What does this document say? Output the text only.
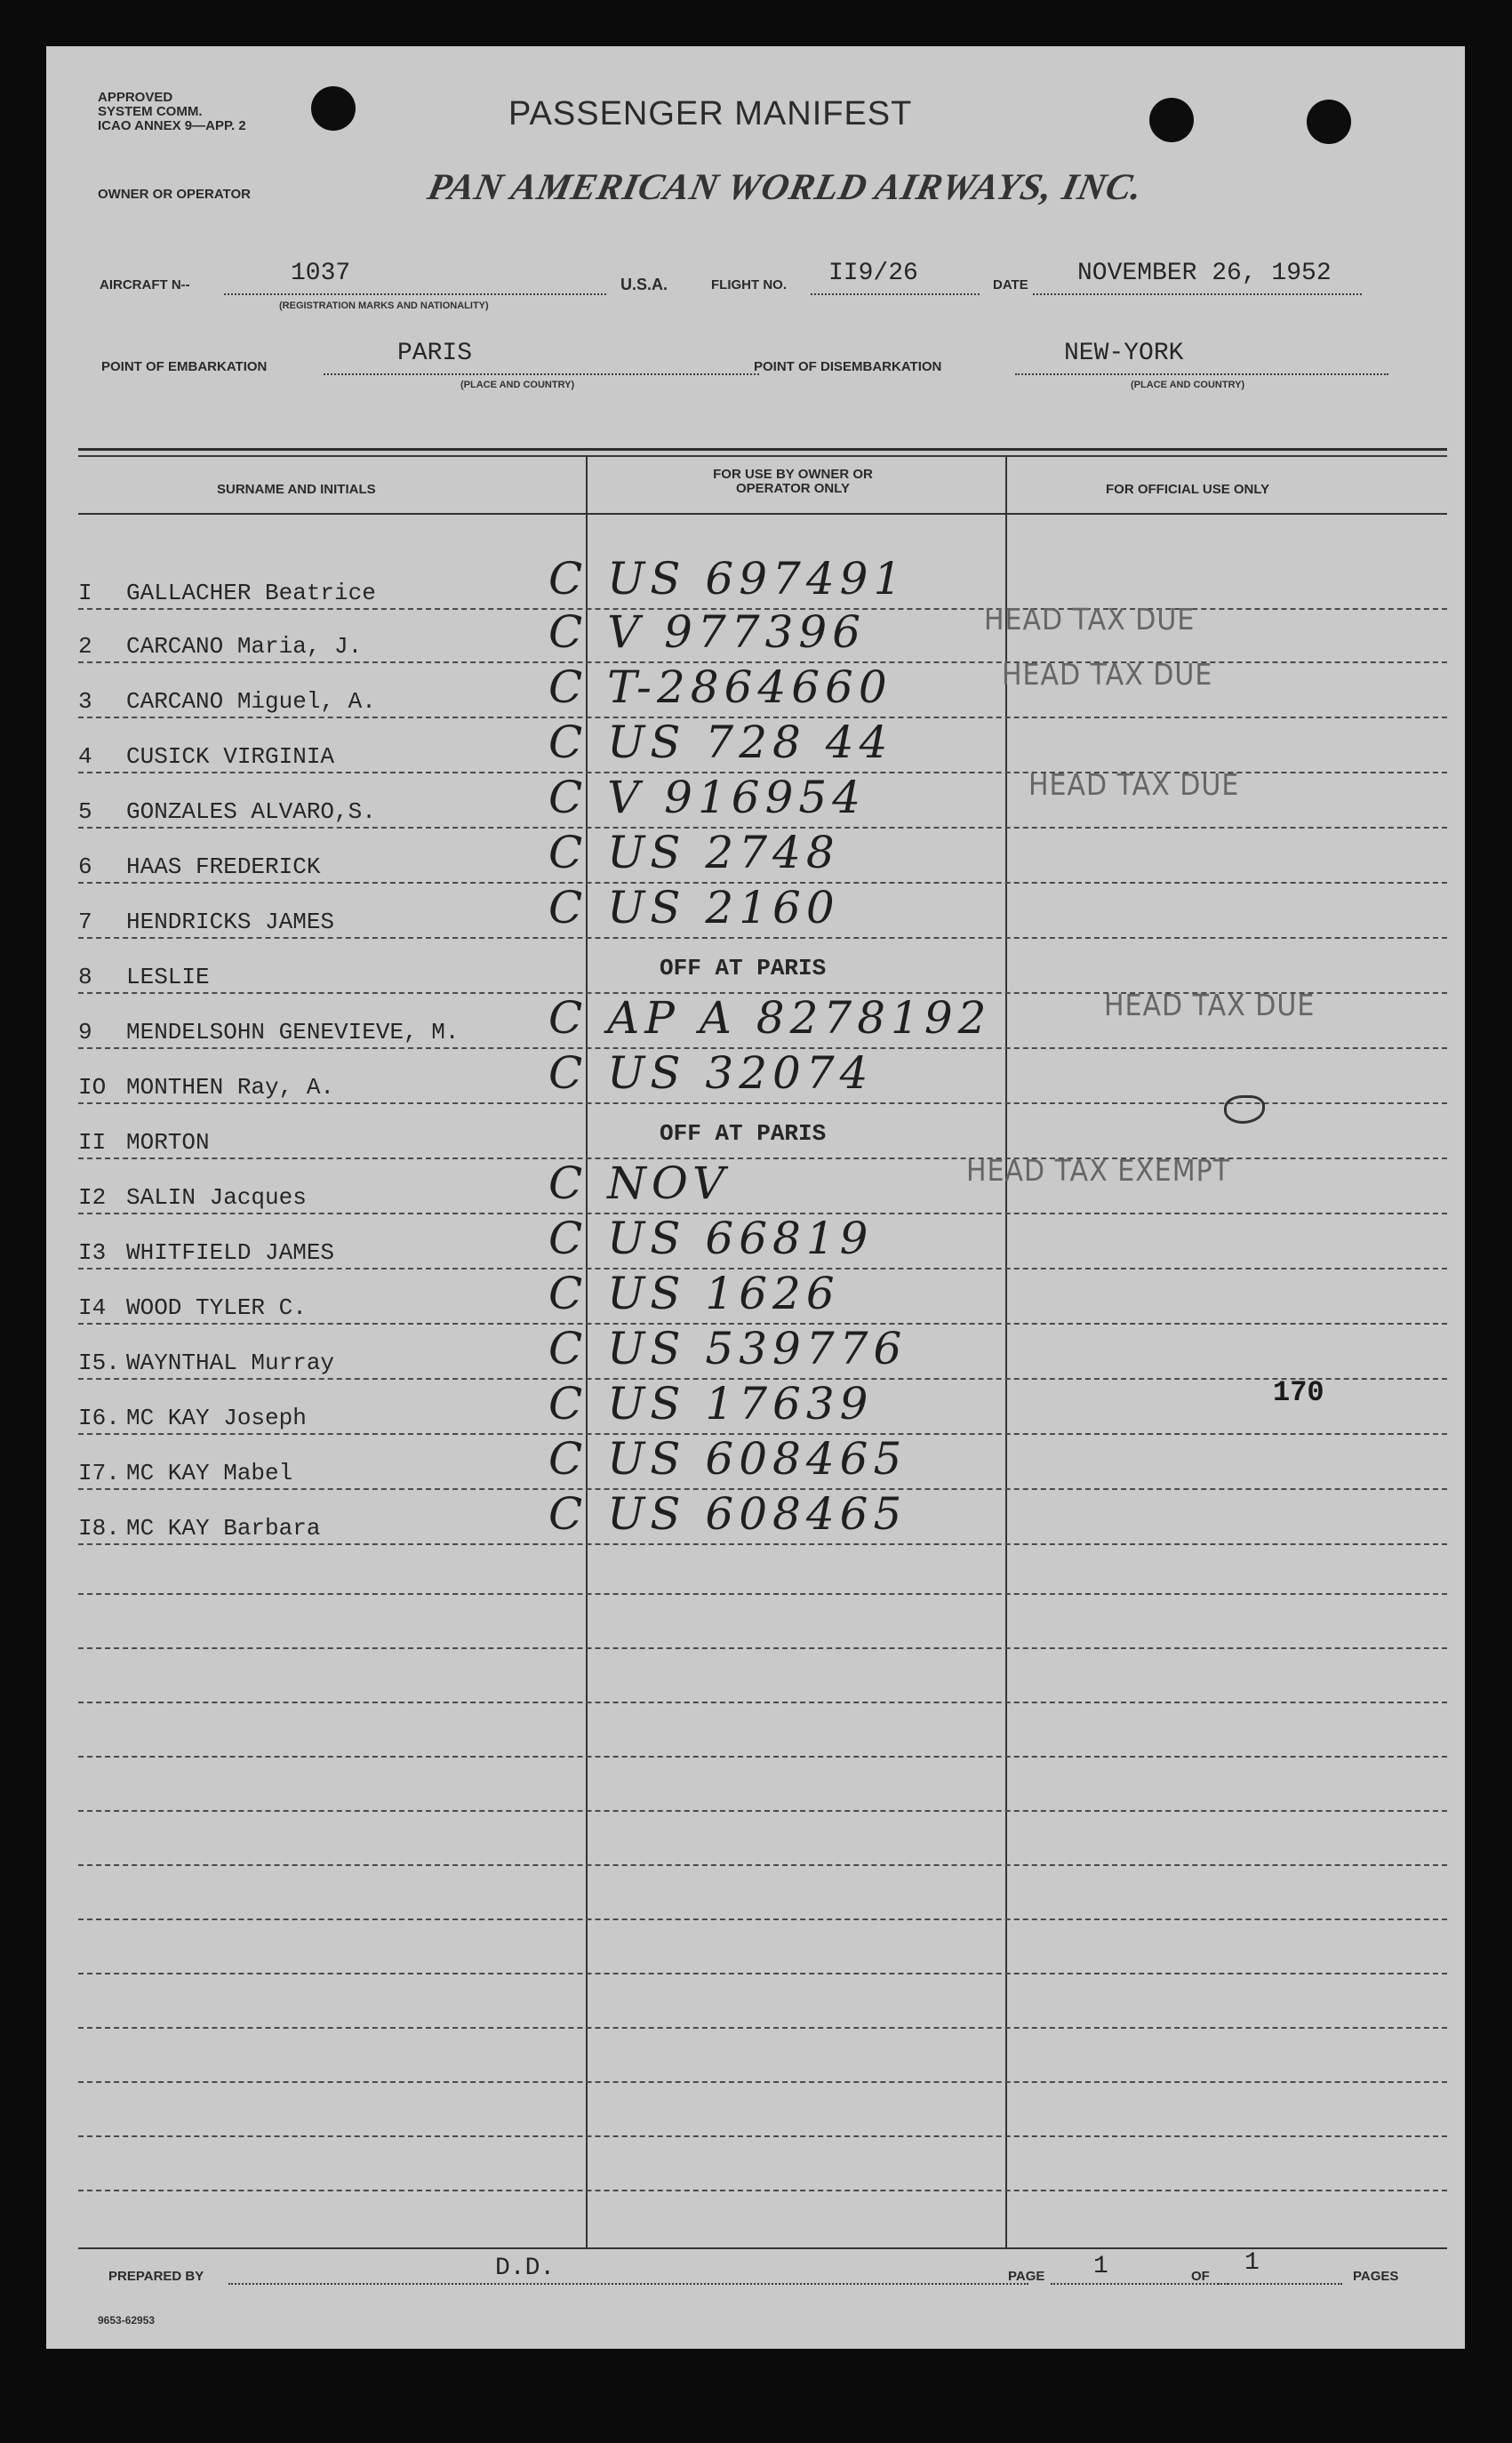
APPROVED
SYSTEM COMM.
ICAO ANNEX 9—APP. 2	PASSENGER MANIFEST
OWNER OR OPERATOR	PAN AMERICAN WORLD AIRWAYS, INC.
AIRCRAFT N--	1037
(REGISTRATION MARKS AND NATIONALITY)
U.S.A.	FLIGHT NO. II9/26	DATE NOVEMBER 26, 1952
POINT OF EMBARKATION	PARIS
(PLACE AND COUNTRY)
POINT OF DISEMBARKATION	NEW-YORK
(PLACE AND COUNTRY)
SURNAME AND INITIALS
FOR USE BY OWNER OR OPERATOR ONLY	FOR OFFICIAL USE ONLY
I GALLACHER Beatrice	C US 697491
2 CARCANO Maria, J.	C V 977396	HEAD TAX DUE
3 CARCANO Miguel, A.	C T-2864660	HEAD TAX DUE
4 CUSICK VIRGINIA	C US 728 44
5 GONZALES ALVARO,S.	C V 916954	HEAD TAX DUE
6 HAAS FREDERICK	C US 2748
7 HENDRICKS JAMES	C US 2160
8 LESLIE	OFF AT PARIS
9 MENDELSOHN GENEVIEVE, M. C AP A 8278192	HEAD TAX DUE
IO MONTHEN Ray, A.	C US 32074
II MORTON	OFF AT PARIS
I2 SALIN Jacques	C NOV	HEAD TAX EXEMPT
I3 WHITFIELD JAMES	C US 66819
I4 WOOD TYLER C.	C US 1626
I5. WAYNTHAL Murray	C US 539776
I6. MC KAY Joseph	C US 17639	170
I7. MC KAY Mabel	C US 608465
I8. MC KAY Barbara	C US 608465
PREPARED BY	D.D.	PAGE 1	OF 1	PAGES
9653-62953
